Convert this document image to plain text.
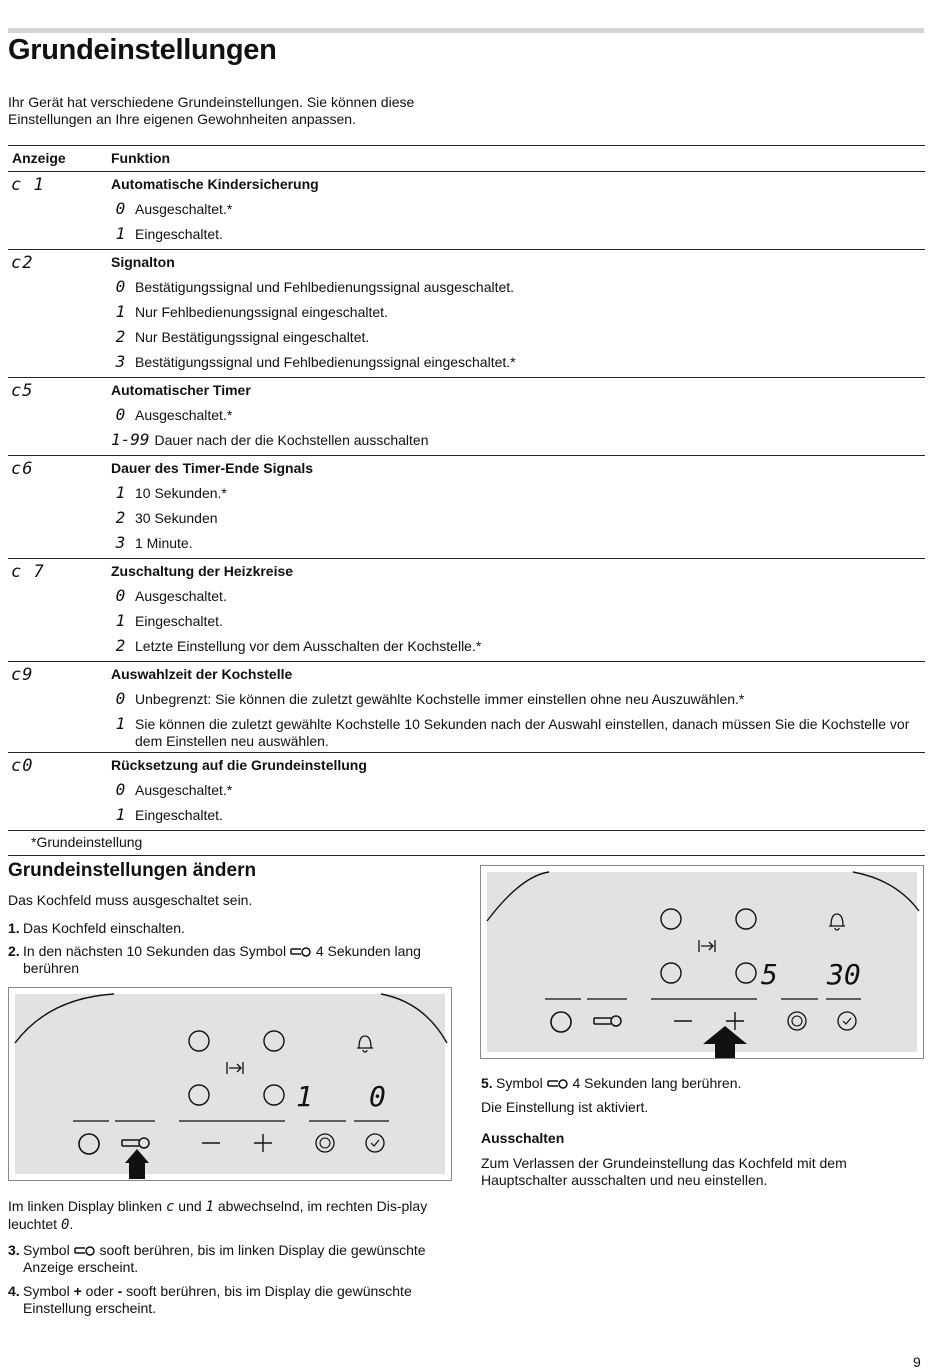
Grundeinstellungen

Ihr Gerät hat verschiedene Grundeinstellungen. Sie können diese Einstellungen an Ihre eigenen Gewohnheiten anpassen.

Anzeige	Funktion
c 1	Automatische Kindersicherung
0 Ausgeschaltet.*
1 Eingeschaltet.
c2	Signalton
0 Bestätigungssignal und Fehlbedienungssignal ausgeschaltet.
1 Nur Fehlbedienungssignal eingeschaltet.
2 Nur Bestätigungssignal eingeschaltet.
3 Bestätigungssignal und Fehlbedienungssignal eingeschaltet.*
c5	Automatischer Timer
0 Ausgeschaltet.*
1-99 Dauer nach der die Kochstellen ausschalten
c6	Dauer des Timer-Ende Signals
1 10 Sekunden.*
2 30 Sekunden
3 1 Minute.
c 7	Zuschaltung der Heizkreise
0 Ausgeschaltet.
1 Eingeschaltet.
2 Letzte Einstellung vor dem Ausschalten der Kochstelle.*
c9	Auswahlzeit der Kochstelle
0 Unbegrenzt: Sie können die zuletzt gewählte Kochstelle immer einstellen ohne neu Auszuwählen.*
1 Sie können die zuletzt gewählte Kochstelle 10 Sekunden nach der Auswahl einstellen, danach müssen Sie die Kochstelle vor dem Einstellen neu auswählen.
c0	Rücksetzung auf die Grundeinstellung
0 Ausgeschaltet.*
1 Eingeschaltet.
*Grundeinstellung
Grundeinstellungen ändern

Das Kochfeld muss ausgeschaltet sein.

1. Das Kochfeld einschalten.
2. In den nächsten 10 Sekunden das Symbol 4 Sekunden lang berühren
1 0
Im linken Display blinken c und 1 abwechselnd, im rechten Dis-play leuchtet 0.
3. Symbol sooft berühren, bis im linken Display die gewünschte Anzeige erscheint.
4. Symbol + oder - sooft berühren, bis im Display die gewünschte Einstellung erscheint.
5 30
5. Symbol 4 Sekunden lang berühren.

Die Einstellung ist aktiviert.

Ausschalten

Zum Verlassen der Grundeinstellung das Kochfeld mit dem Hauptschalter ausschalten und neu einstellen.

9
